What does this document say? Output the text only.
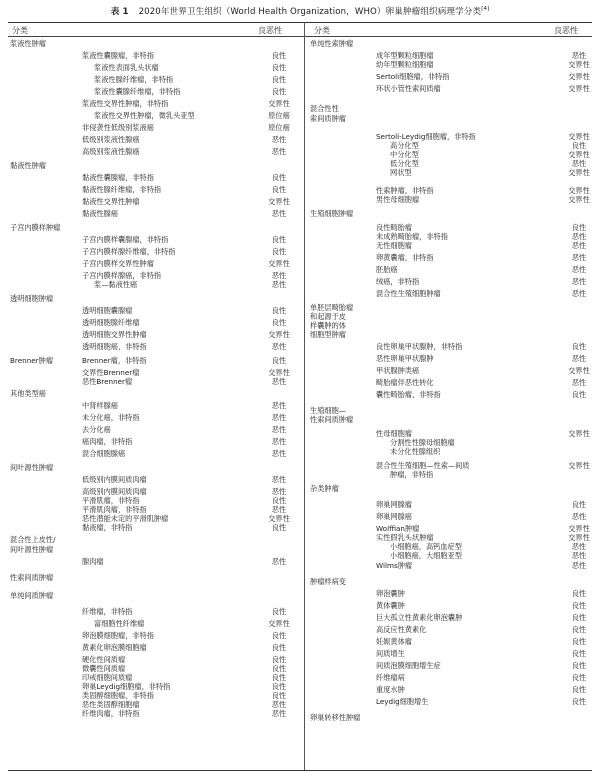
表 1 2020年世界卫生组织（World Health Organization，WHO）卵巢肿瘤组织病理学分类[4]
分类	良恶性	分类	良恶性
浆液性肿瘤
浆液性囊腺瘤，非特指	良性
浆液性表面乳头状瘤	良性
浆液性腺纤维瘤，非特指	良性
浆液性囊腺纤维瘤，非特指	良性
浆液性交界性肿瘤，非特指	交界性
浆液性交界性肿瘤，微乳头亚型	原位癌
非侵袭性低级别浆液癌	原位癌
低级别浆液性腺癌	恶性
高级别浆液性腺癌	恶性
黏液性肿瘤
黏液性囊腺瘤，非特指	良性
黏液性腺纤维瘤，非特指	良性
黏液性交界性肿瘤	交界性
黏液性腺癌	恶性
子宫内膜样肿瘤
子宫内膜样囊腺瘤，非特指	良性
子宫内膜样腺纤维瘤，非特指	良性
子宫内膜样交界性肿瘤	交界性
子宫内膜样腺癌，非特指	恶性
浆—黏液性癌	恶性
透明细胞肿瘤
透明细胞囊腺瘤	良性
透明细胞腺纤维瘤	良性
透明细胞交界性肿瘤	交界性
透明细胞癌，非特指	恶性
Brenner肿瘤	Brenner瘤，非特指	良性
交界性Brenner瘤	交界性
恶性Brenner瘤	恶性
其他类型癌
中肾样腺癌	恶性
未分化癌，非特指	恶性
去分化癌	恶性
癌肉瘤，非特指	恶性
混合细胞腺癌	恶性
间叶源性肿瘤
低级别内膜间质肉瘤	恶性
高级别内膜间质肉瘤	恶性
平滑肌瘤，非特指	良性
平滑肌肉瘤，非特指	恶性
恶性潜能未定的平滑肌肿瘤	交界性
黏液瘤，非特指	良性
混合性上皮性/
间叶源性肿瘤
腺肉瘤	恶性
性索间质肿瘤
单纯间质肿瘤
纤维瘤，非特指	良性
富细胞性纤维瘤	交界性
卵泡膜细胞瘤，非特指	良性
黄素化卵泡膜细胞瘤	良性
硬化性间质瘤	良性
微囊性间质瘤	良性
印戒细胞间质瘤	良性
卵巢Leydig细胞瘤，非特指	良性
类固醇细胞瘤，非特指	良性
恶性类固醇细胞瘤	恶性
纤维肉瘤，非特指	恶性
单纯性索肿瘤
成年型颗粒细胞瘤	恶性
幼年型颗粒细胞瘤	交界性
Sertoli细胞瘤，非特指	交界性
环状小管性索间质瘤	交界性
混合性性
索间质肿瘤
Sertoli-Leydig细胞瘤，非特指	交界性
高分化型	良性
中分化型	交界性
低分化型	恶性
网状型	交界性
性索肿瘤，非特指	交界性
男性母细胞瘤	交界性
生殖细胞肿瘤
良性畸胎瘤	良性
未成熟畸胎瘤，非特指	恶性
无性细胞瘤	恶性
卵黄囊瘤，非特指	恶性
胚胎癌	恶性
绒癌，非特指	恶性
混合性生殖细胞肿瘤	恶性
单胚层畸胎瘤
和起源于皮
样囊肿的体
细胞型肿瘤
良性卵巢甲状腺肿，非特指	良性
恶性卵巢甲状腺肿	恶性
甲状腺肿类癌	交界性
畸胎瘤伴恶性转化	恶性
囊性畸胎瘤，非特指	良性
生殖细胞—
性索间质肿瘤
性母细胞瘤	交界性
分割性性腺母细胞瘤
未分化性腺组织
混合性生殖细胞—性索—间质	交界性
肿瘤，非特指
杂类肿瘤
卵巢网腺瘤	良性
卵巢网腺癌	恶性
Wolffian肿瘤	交界性
实性假乳头状肿瘤	交界性
小细胞癌，高钙血症型	恶性
小细胞癌，大细胞亚型	恶性
Wilms肿瘤	恶性
肿瘤样病变
卵泡囊肿	良性
黄体囊肿	良性
巨大孤立性黄素化卵泡囊肿	良性
高反应性黄素化	良性
妊娠黄体瘤	良性
间质增生	良性
间质泡膜细胞增生症	良性
纤维瘤病	良性
重度水肿	良性
Leydig细胞增生	良性
卵巢转移性肿瘤
